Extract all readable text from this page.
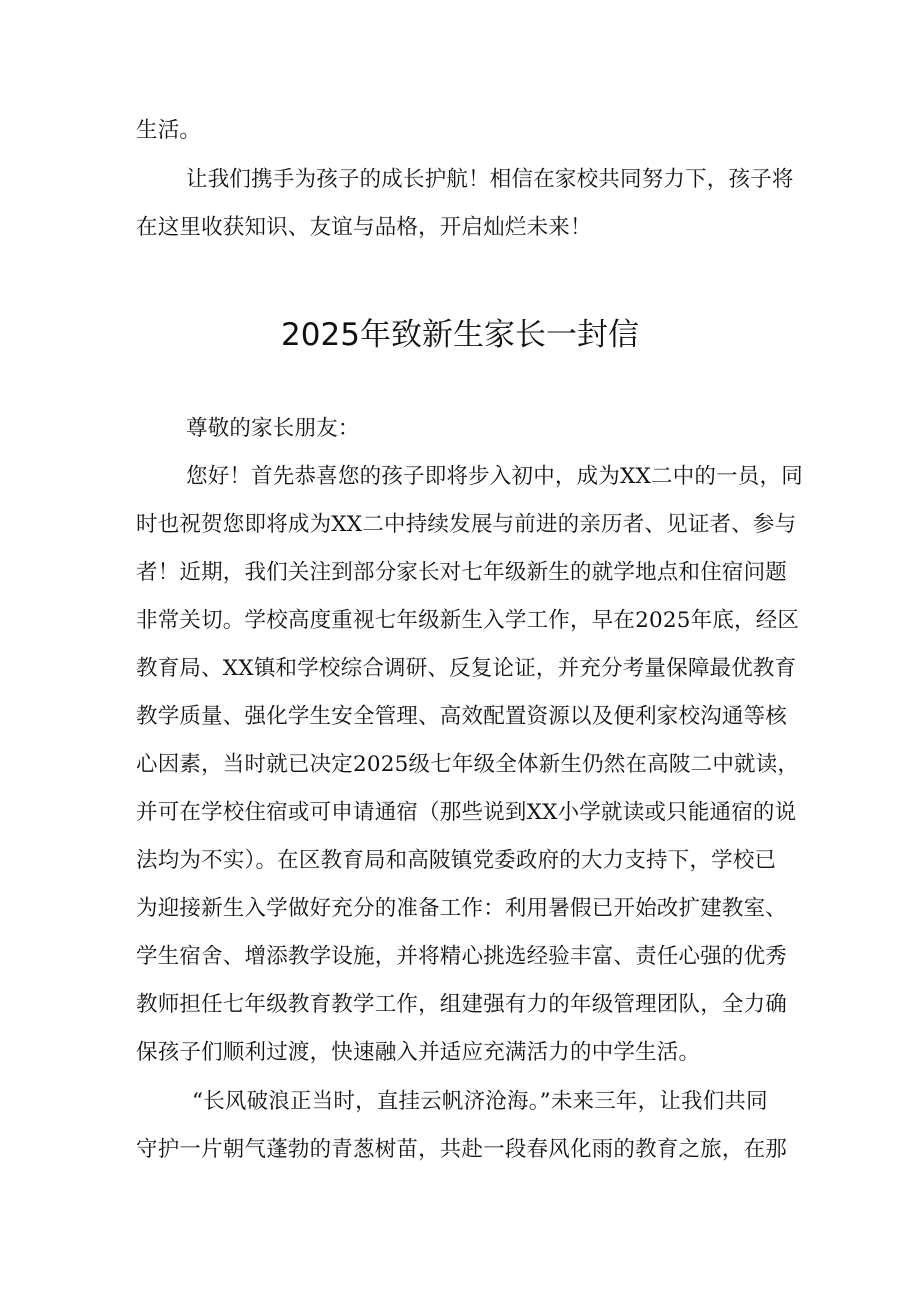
生活。
让我们携手为孩子的成长护航！相信在家校共同努力下，孩子将
在这里收获知识、友谊与品格，开启灿烂未来！
2025年致新生家长一封信
尊敬的家长朋友：
您好！首先恭喜您的孩子即将步入初中，成为XX二中的一员，同
时也祝贺您即将成为XX二中持续发展与前进的亲历者、见证者、参与
者！近期，我们关注到部分家长对七年级新生的就学地点和住宿问题
非常关切。学校高度重视七年级新生入学工作，早在2025年底，经区
教育局、XX镇和学校综合调研、反复论证，并充分考量保障最优教育
教学质量、强化学生安全管理、高效配置资源以及便利家校沟通等核
心因素，当时就已决定2025级七年级全体新生仍然在高陂二中就读，
并可在学校住宿或可申请通宿（那些说到XX小学就读或只能通宿的说
法均为不实）。在区教育局和高陂镇党委政府的大力支持下，学校已
为迎接新生入学做好充分的准备工作：利用暑假已开始改扩建教室、
学生宿舍、增添教学设施，并将精心挑选经验丰富、责任心强的优秀
教师担任七年级教育教学工作，组建强有力的年级管理团队，全力确
保孩子们顺利过渡，快速融入并适应充满活力的中学生活。
“长风破浪正当时，直挂云帆济沧海。”未来三年，让我们共同
守护一片朝气蓬勃的青葱树苗，共赴一段春风化雨的教育之旅，在那
